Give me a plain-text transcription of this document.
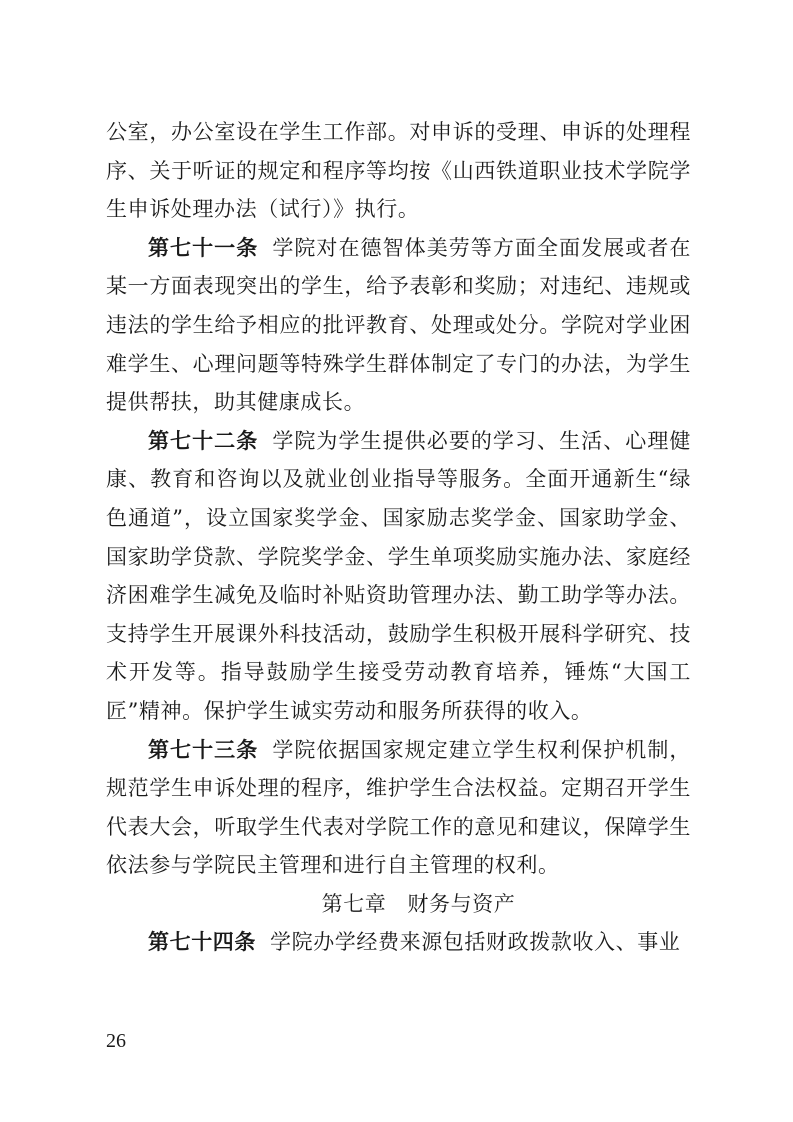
公室，办公室设在学生工作部。对申诉的受理、申诉的处理程序、关于听证的规定和程序等均按《山西铁道职业技术学院学生申诉处理办法（试行）》执行。

第七十一条 学院对在德智体美劳等方面全面发展或者在某一方面表现突出的学生，给予表彰和奖励；对违纪、违规或违法的学生给予相应的批评教育、处理或处分。学院对学业困难学生、心理问题等特殊学生群体制定了专门的办法，为学生提供帮扶，助其健康成长。

第七十二条 学院为学生提供必要的学习、生活、心理健康、教育和咨询以及就业创业指导等服务。全面开通新生“绿色通道”，设立国家奖学金、国家励志奖学金、国家助学金、国家助学贷款、学院奖学金、学生单项奖励实施办法、家庭经济困难学生减免及临时补贴资助管理办法、勤工助学等办法。支持学生开展课外科技活动，鼓励学生积极开展科学研究、技术开发等。指导鼓励学生接受劳动教育培养，锤炼“大国工匠”精神。保护学生诚实劳动和服务所获得的收入。

第七十三条 学院依据国家规定建立学生权利保护机制，规范学生申诉处理的程序，维护学生合法权益。定期召开学生代表大会，听取学生代表对学院工作的意见和建议，保障学生依法参与学院民主管理和进行自主管理的权利。

第七章 财务与资产

第七十四条 学院办学经费来源包括财政拨款收入、事业

26
